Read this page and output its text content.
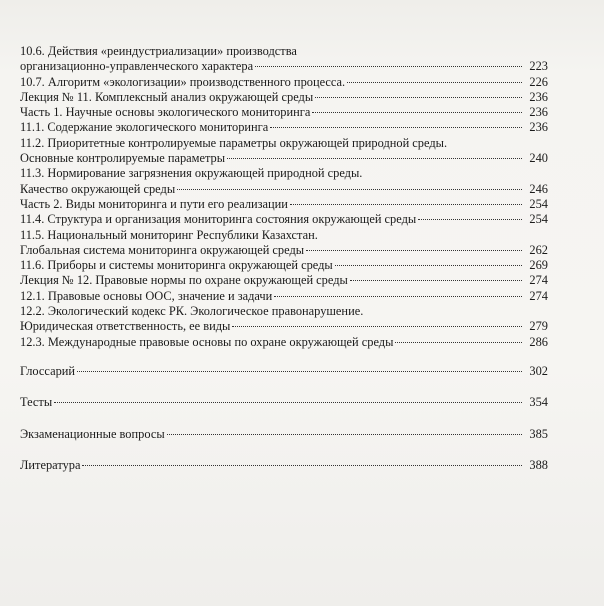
10.6. Действия «реиндустриализации» производства
организационно-управленческого характера	223
10.7. Алгоритм «экологизации» производственного процесса.	226
Лекция № 11. Комплексный анализ окружающей среды	236
Часть 1. Научные основы экологического мониторинга	236
11.1. Содержание экологического мониторинга	236
11.2. Приоритетные контролируемые параметры окружающей природной среды.
Основные контролируемые параметры	240
11.3. Нормирование загрязнения окружающей природной среды.
Качество окружающей среды	246
Часть 2. Виды мониторинга и пути его реализации	254
11.4. Структура и организация мониторинга состояния окружающей среды	254
11.5. Национальный мониторинг Республики Казахстан.
Глобальная система мониторинга окружающей среды	262
11.6. Приборы и системы мониторинга окружающей среды	269
Лекция № 12. Правовые нормы по охране окружающей среды	274
12.1. Правовые основы ООС, значение и задачи	274
12.2. Экологический кодекс РК. Экологическое правонарушение.
Юридическая ответственность, ее виды	279
12.3. Международные правовые основы по охране окружающей среды	286
Глоссарий	302
Тесты	354
Экзаменационные вопросы	385
Литература	388
